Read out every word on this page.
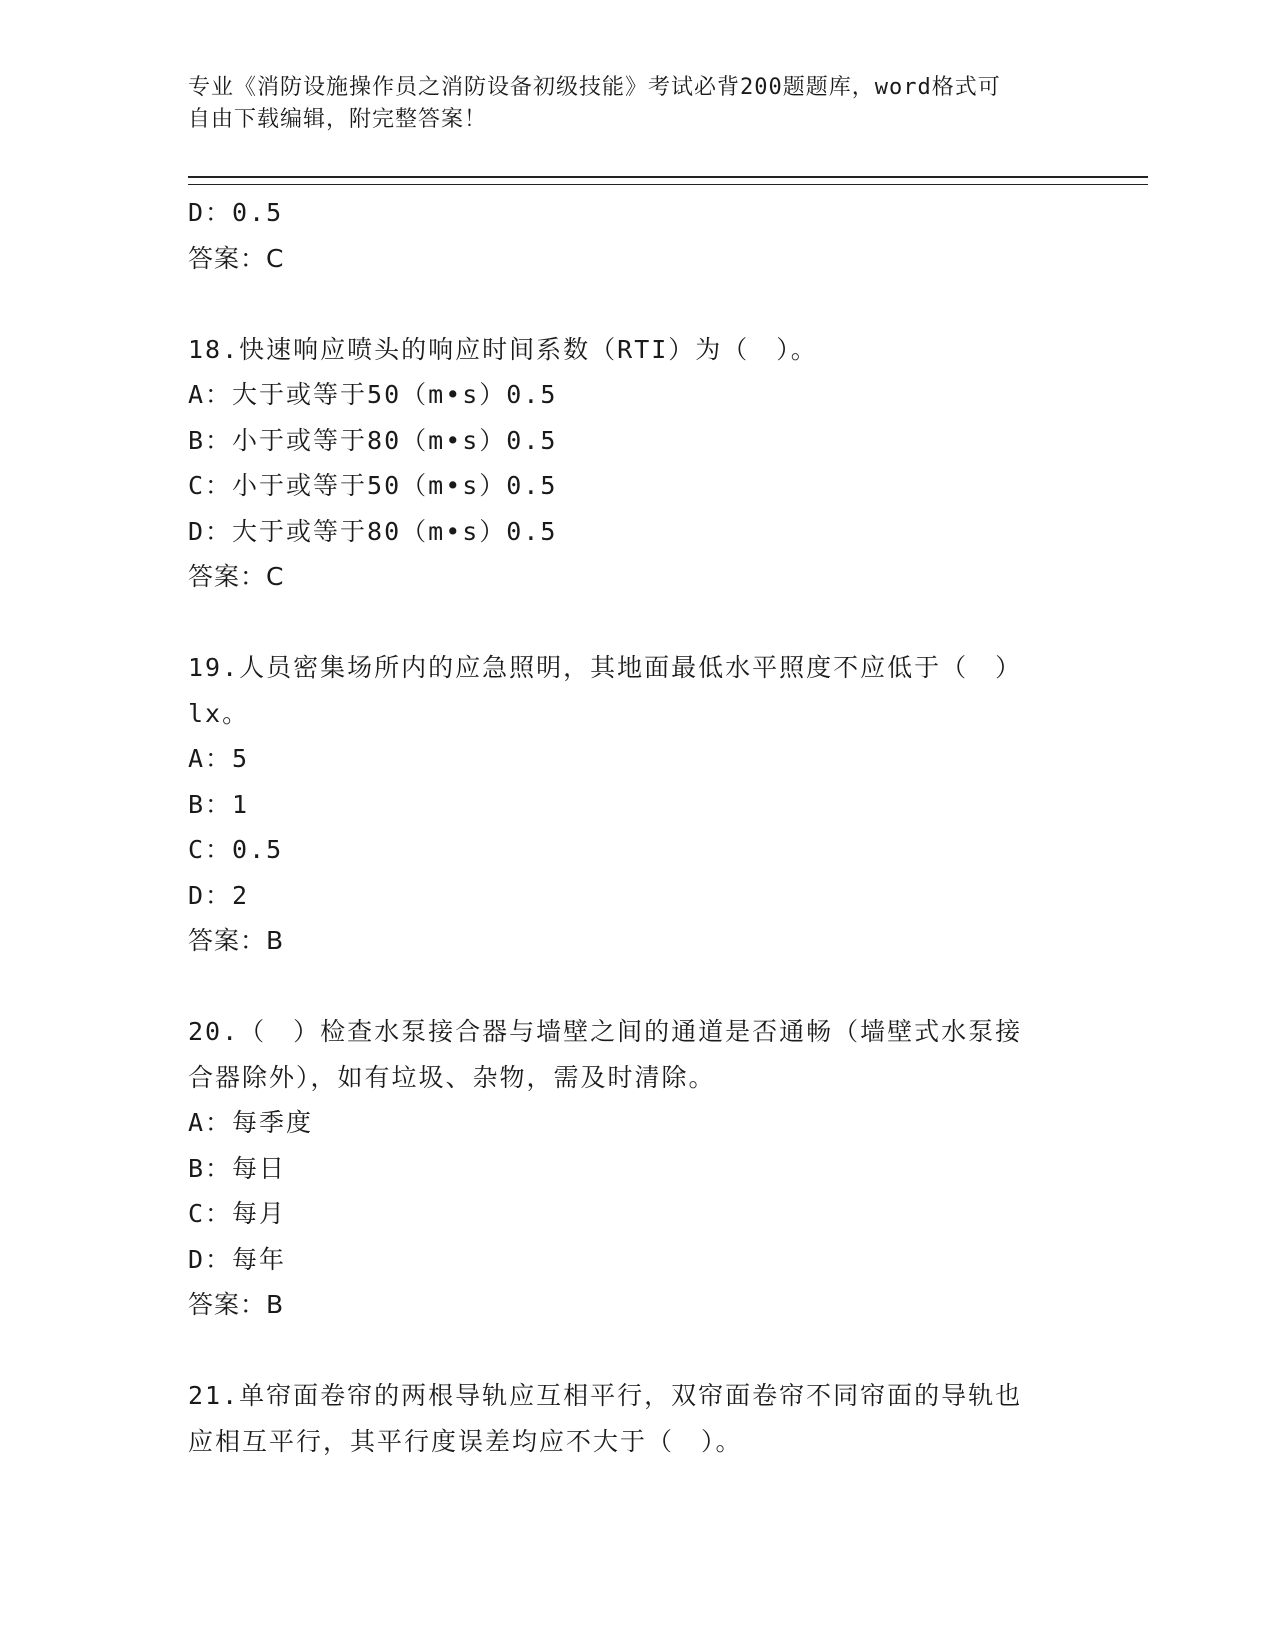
专业《消防设施操作员之消防设备初级技能》考试必背200题题库，word格式可
自由下载编辑，附完整答案！
D：0.5
答案：C
18.快速响应喷头的响应时间系数（RTI）为（　）。
A：大于或等于50（m•s）0.5
B：小于或等于80（m•s）0.5
C：小于或等于50（m•s）0.5
D：大于或等于80（m•s）0.5
答案：C
19.人员密集场所内的应急照明，其地面最低水平照度不应低于（　）
lx。
A：5
B：1
C：0.5
D：2
答案：B
20.（　）检查水泵接合器与墙壁之间的通道是否通畅（墙壁式水泵接
合器除外），如有垃圾、杂物，需及时清除。
A：每季度
B：每日
C：每月
D：每年
答案：B
21.单帘面卷帘的两根导轨应互相平行，双帘面卷帘不同帘面的导轨也
应相互平行，其平行度误差均应不大于（　）。
